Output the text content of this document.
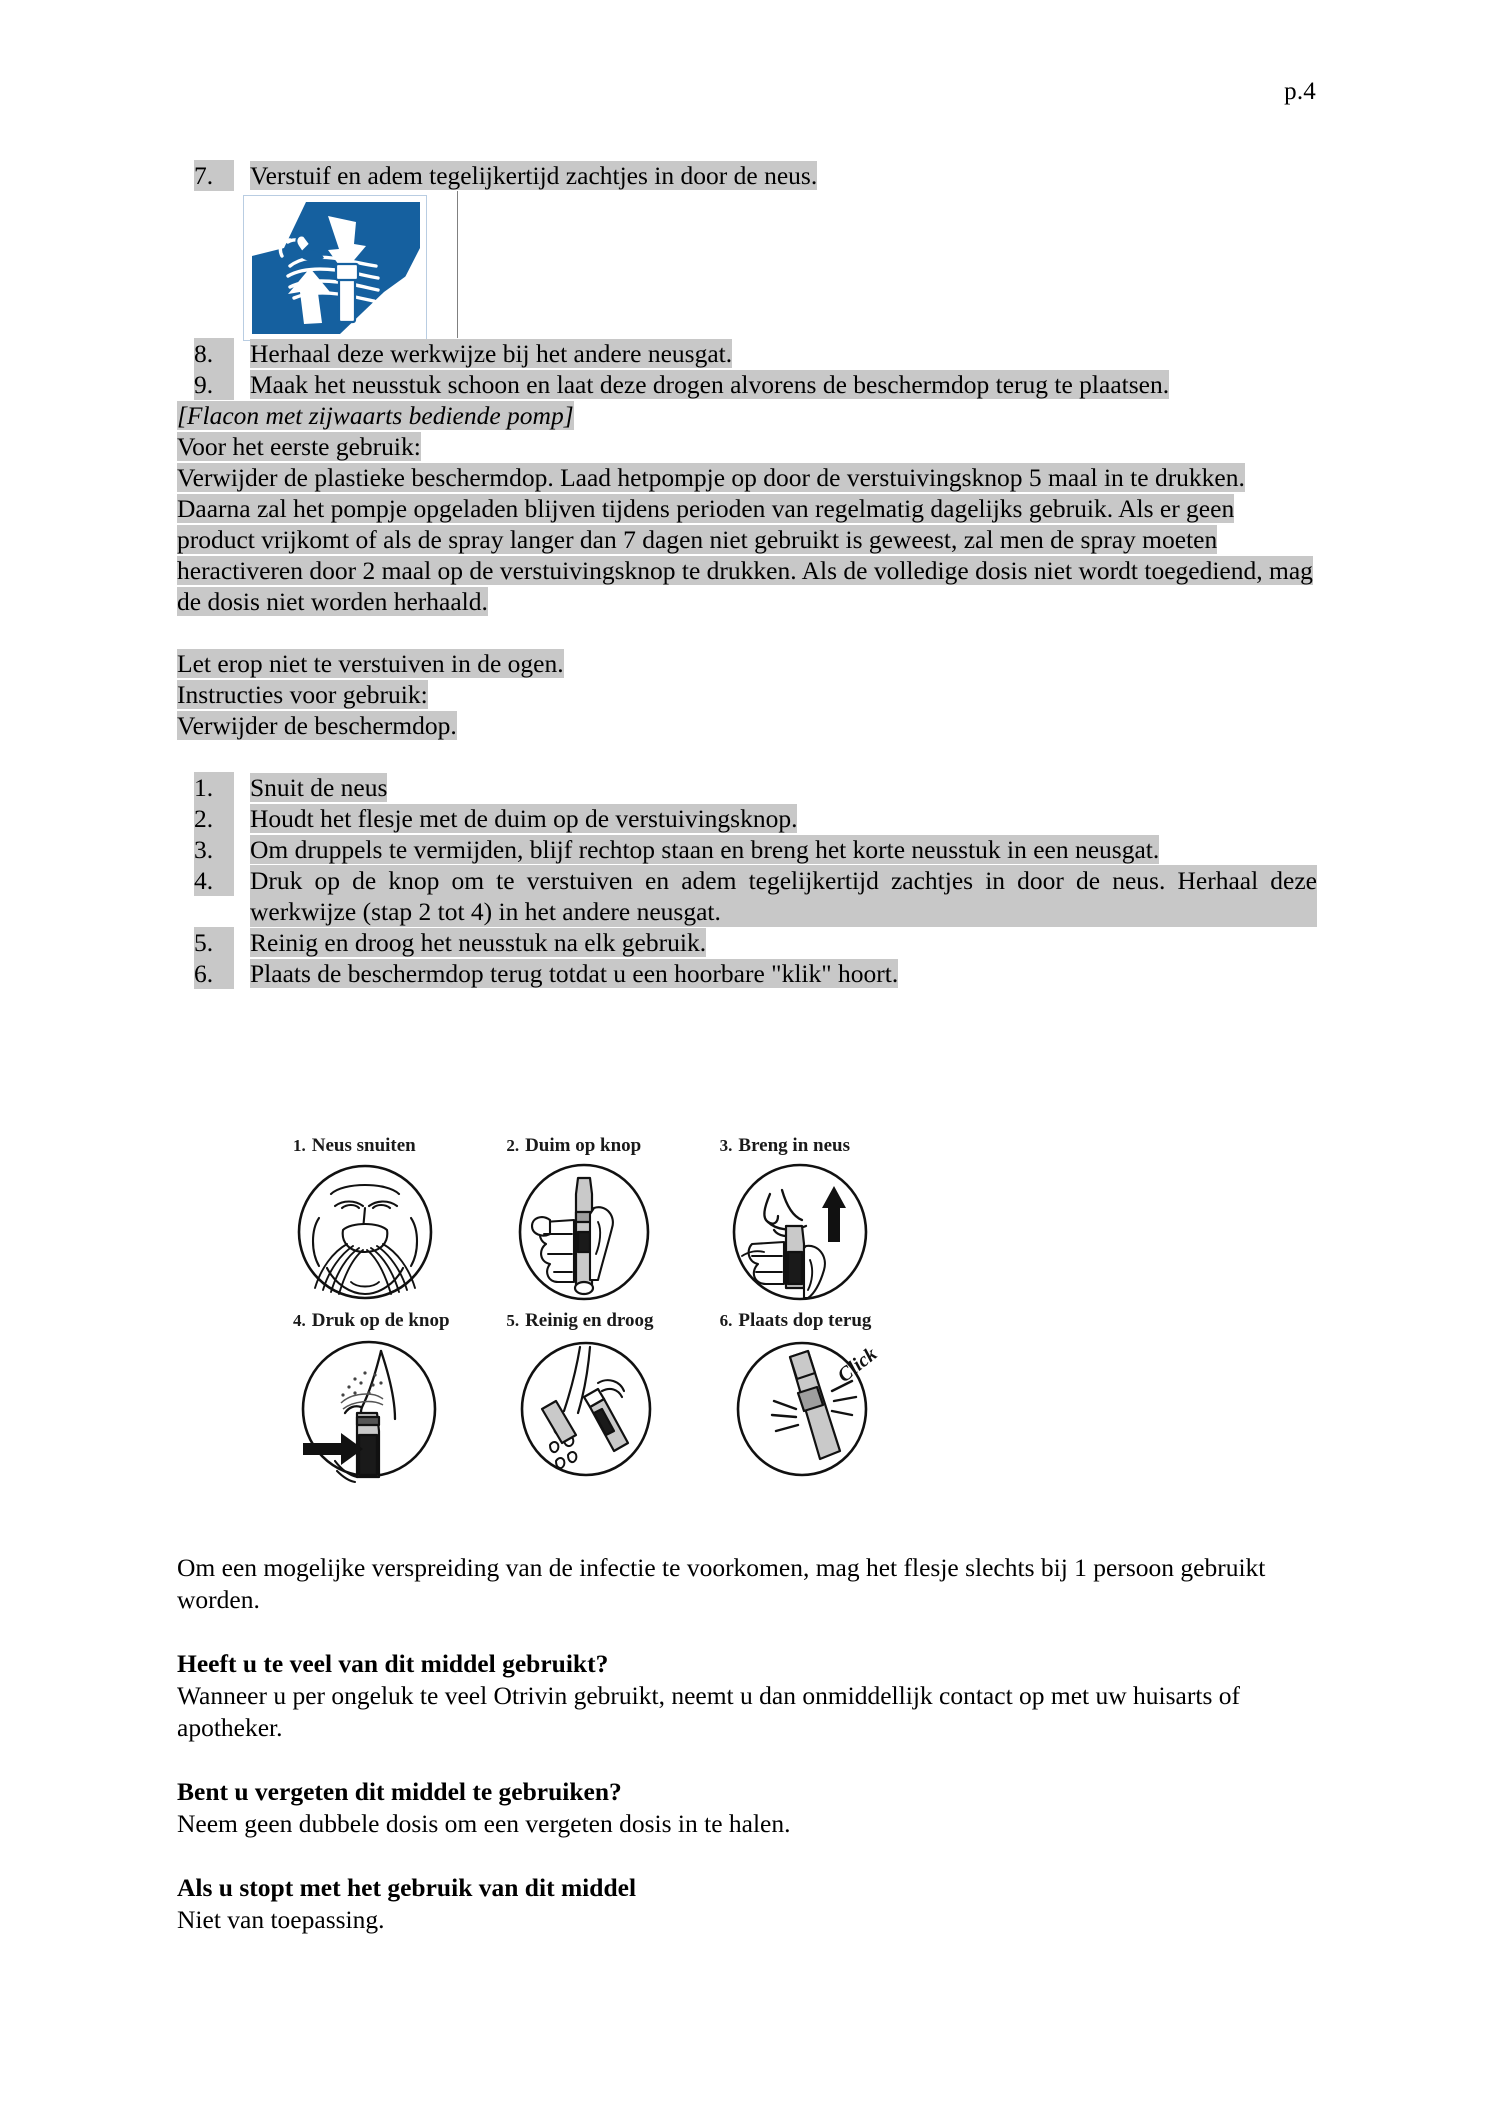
p.4
7.	Verstuif en adem tegelijkertijd zachtjes in door de neus.
8.	Herhaal deze werkwijze bij het andere neusgat.
9.	Maak het neusstuk schoon en laat deze drogen alvorens de beschermdop terug te plaatsen.
[Flacon met zijwaarts bediende pomp]
Voor het eerste gebruik:
Verwijder de plastieke beschermdop. Laad hetpompje op door de verstuivingsknop 5 maal in te drukken. Daarna zal het pompje opgeladen blijven tijdens perioden van regelmatig dagelijks gebruik. Als er geen product vrijkomt of als de spray langer dan 7 dagen niet gebruikt is geweest, zal men de spray moeten heractiveren door 2 maal op de verstuivingsknop te drukken. Als de volledige dosis niet wordt toegediend, mag de dosis niet worden herhaald.
Let erop niet te verstuiven in de ogen.
Instructies voor gebruik:
Verwijder de beschermdop.
1.	Snuit de neus
2.	Houdt het flesje met de duim op de verstuivingsknop.
3.	Om druppels te vermijden, blijf rechtop staan en breng het korte neusstuk in een neusgat.
4.	Druk op de knop om te verstuiven en adem tegelijkertijd zachtjes in door de neus. Herhaal deze werkwijze (stap 2 tot 4) in het andere neusgat.
5.	Reinig en droog het neusstuk na elk gebruik.
6.	Plaats de beschermdop terug totdat u een hoorbare "klik" hoort.
1. Neus snuiten	2. Duim op knop	3. Breng in neus
4. Druk op de knop	5. Reinig en droog	6. Plaats dop terug
Click
Om een mogelijke verspreiding van de infectie te voorkomen, mag het flesje slechts bij 1 persoon gebruikt worden.
Heeft u te veel van dit middel gebruikt?
Wanneer u per ongeluk te veel Otrivin gebruikt, neemt u dan onmiddellijk contact op met uw huisarts of apotheker.
Bent u vergeten dit middel te gebruiken?
Neem geen dubbele dosis om een vergeten dosis in te halen.
Als u stopt met het gebruik van dit middel
Niet van toepassing.
